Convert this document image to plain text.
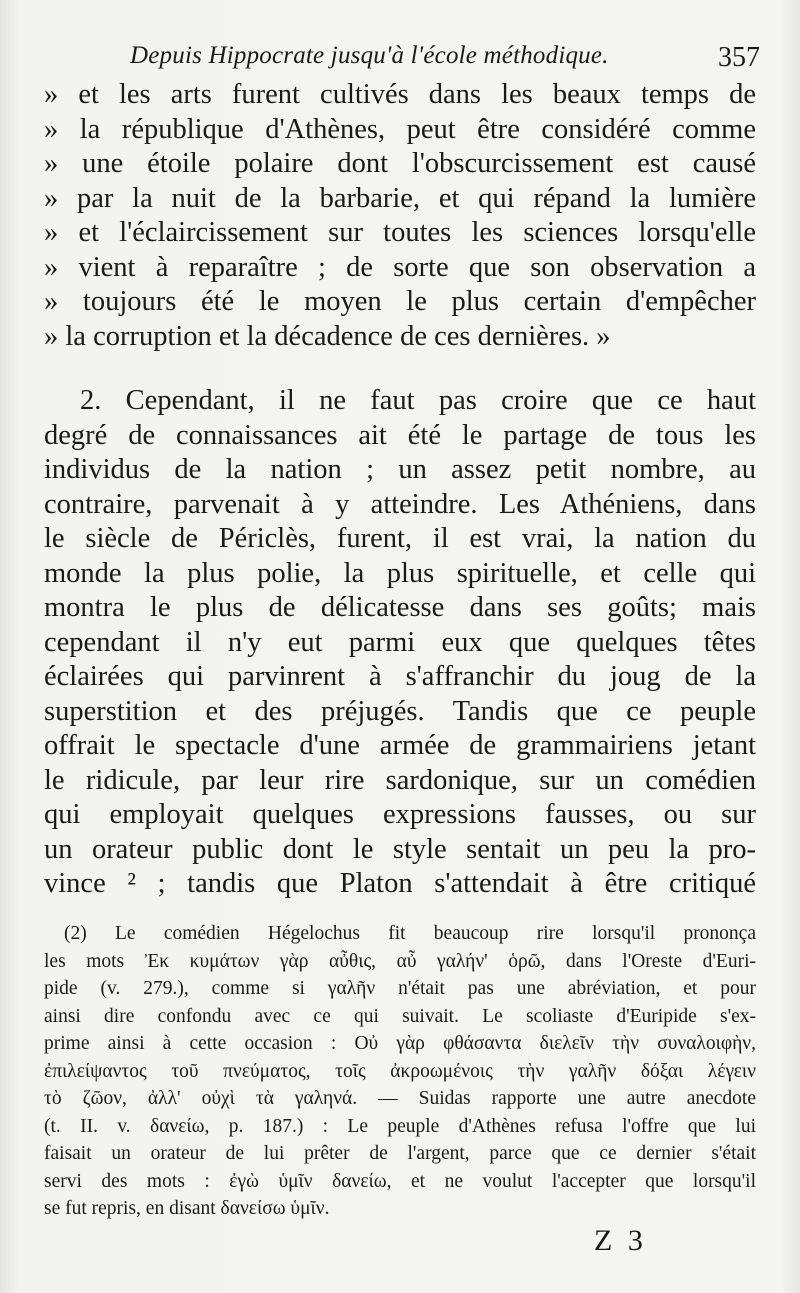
Depuis Hippocrate jusqu'à l'école méthodique.	357
» et les arts furent cultivés dans les beaux temps de
» la république d'Athènes, peut être considéré comme
» une étoile polaire dont l'obscurcissement est causé
» par la nuit de la barbarie, et qui répand la lumière
» et l'éclaircissement sur toutes les sciences lorsqu'elle
» vient à reparaître ; de sorte que son observation a
» toujours été le moyen le plus certain d'empêcher
» la corruption et la décadence de ces dernières. »
2. Cependant, il ne faut pas croire que ce haut
degré de connaissances ait été le partage de tous les
individus de la nation ; un assez petit nombre, au
contraire, parvenait à y atteindre. Les Athéniens, dans
le siècle de Périclès, furent, il est vrai, la nation du
monde la plus polie, la plus spirituelle, et celle qui
montra le plus de délicatesse dans ses goûts; mais
cependant il n'y eut parmi eux que quelques têtes
éclairées qui parvinrent à s'affranchir du joug de la
superstition et des préjugés. Tandis que ce peuple
offrait le spectacle d'une armée de grammairiens jetant
le ridicule, par leur rire sardonique, sur un comédien
qui employait quelques expressions fausses, ou sur
un orateur public dont le style sentait un peu la pro-
vince ² ; tandis que Platon s'attendait à être critiqué
(2) Le comédien Hégelochus fit beaucoup rire lorsqu'il prononça
les mots Ἐκ κυμάτων γὰρ αὖθις, αὖ γαλήν' ὁρῶ, dans l'Oreste d'Euri-
pide (v. 279.), comme si γαλῆν n'était pas une abréviation, et pour
ainsi dire confondu avec ce qui suivait. Le scoliaste d'Euripide s'ex-
prime ainsi à cette occasion : Οὐ γὰρ φθάσαντα διελεῖν τὴν συναλοιφὴν,
ἐπιλείψαντος τοῦ πνεύματος, τοῖς ἀκροωμένοις τὴν γαλῆν δόξαι λέγειν
τὸ ζῶον, ἀλλ' οὐχὶ τὰ γαληνά. — Suidas rapporte une autre anecdote
(t. II. v. δανείω, p. 187.) : Le peuple d'Athènes refusa l'offre que lui
faisait un orateur de lui prêter de l'argent, parce que ce dernier s'était
servi des mots : ἐγὼ ὑμῖν δανείω, et ne voulut l'accepter que lorsqu'il
se fut repris, en disant δανείσω ὑμῖν.
Z 3
